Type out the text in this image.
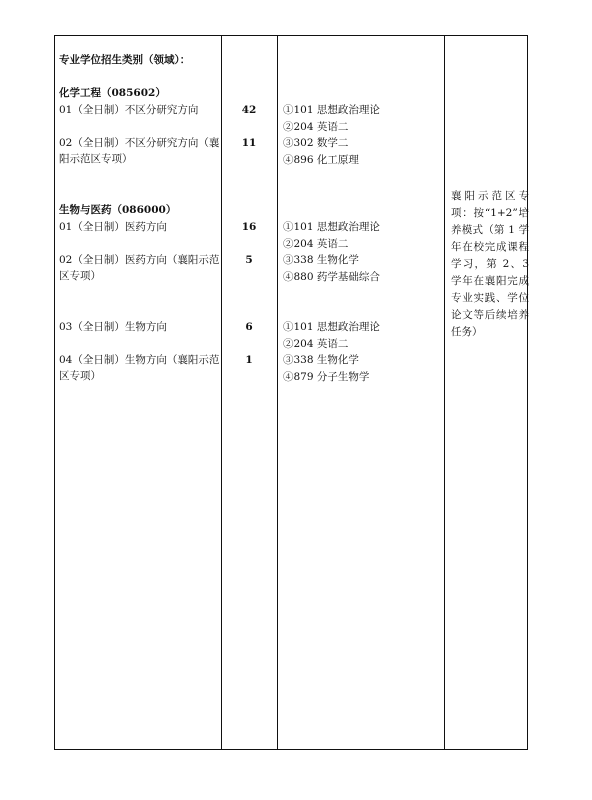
专业学位招生类别（领域）：
化学工程（085602）
01（全日制）不区分研究方向
02（全日制）不区分研究方向（襄
阳示范区专项）
生物与医药（086000）
01（全日制）医药方向
02（全日制）医药方向（襄阳示范
区专项）
03（全日制）生物方向
04（全日制）生物方向（襄阳示范
区专项）
42
11
16
5
6
1
①101 思想政治理论
②204 英语二
③302 数学二
④896 化工原理
①101 思想政治理论
②204 英语二
③338 生物化学
④880 药学基础综合
①101 思想政治理论
②204 英语二
③338 生物化学
④879 分子生物学
襄阳示范区专项：按“1+2”培养模式（第 1 学年在校完成课程学习，第 2、3 学年在襄阳完成专业实践、学位论文等后续培养任务）
